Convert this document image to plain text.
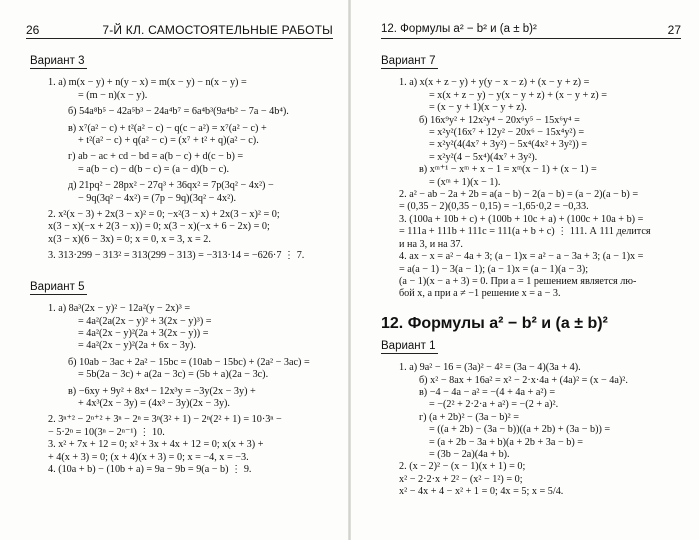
26	7-Й КЛ. САМОСТОЯТЕЛЬНЫЕ РАБОТЫ
Вариант 3
1. а) m(x − y) + n(y − x) = m(x − y) − n(x − y) =
= (m − n)(x − y).
б) 54a⁸b⁵ − 42a⁵b³ − 24a⁴b⁷ = 6a⁴b³(9a⁴b² − 7a − 4b⁴).
в) x⁷(a² − c) + t²(a² − c) − q(c − a²) = x⁷(a² − c) +
+ t²(a² − c) + q(a² − c) = (x⁷ + t² + q)(a² − c).
г) ab − ac + cd − bd = a(b − c) + d(c − b) =
= a(b − c) − d(b − c) = (a − d)(b − c).
д) 21pq² − 28px² − 27q³ + 36qx² = 7p(3q² − 4x²) −
− 9q(3q² − 4x²) = (7p − 9q)(3q² − 4x²).
2. x²(x − 3) + 2x(3 − x)² = 0; −x²(3 − x) + 2x(3 − x)² = 0;
x(3 − x)(−x + 2(3 − x)) = 0; x(3 − x)(−x + 6 − 2x) = 0;
x(3 − x)(6 − 3x) = 0; x = 0, x = 3, x = 2.
3. 313·299 − 313² = 313(299 − 313) = −313·14 = −626·7 ⋮ 7.
Вариант 5
1. а) 8a³(2x − y)² − 12a²(y − 2x)³ =
= 4a²(2a(2x − y)² + 3(2x − y)³) =
= 4a²(2x − y)²(2a + 3(2x − y)) =
= 4a²(2x − y)²(2a + 6x − 3y).
б) 10ab − 3ac + 2a² − 15bc = (10ab − 15bc) + (2a² − 3ac) =
= 5b(2a − 3c) + a(2a − 3c) = (5b + a)(2a − 3c).
в) −6xy + 9y² + 8x⁴ − 12x³y = −3y(2x − 3y) +
+ 4x³(2x − 3y) = (4x³ − 3y)(2x − 3y).
2. 3ⁿ⁺² − 2ⁿ⁺² + 3ⁿ − 2ⁿ = 3ⁿ(3² + 1) − 2ⁿ(2² + 1) = 10·3ⁿ −
− 5·2ⁿ = 10(3ⁿ − 2ⁿ⁻¹) ⋮ 10.
3. x² + 7x + 12 = 0; x² + 3x + 4x + 12 = 0; x(x + 3) +
+ 4(x + 3) = 0; (x + 4)(x + 3) = 0; x = −4, x = −3.
4. (10a + b) − (10b + a) = 9a − 9b = 9(a − b) ⋮ 9.
12. Формулы a² − b² и (a ± b)²	27
Вариант 7
1. а) x(x + z − y) + y(y − x − z) + (x − y + z) =
= x(x + z − y) − y(x − y + z) + (x − y + z) =
= (x − y + 1)(x − y + z).
б) 16x⁹y² + 12x²y⁴ − 20x⁶y⁵ − 15x⁶y⁴ =
= x²y²(16x⁷ + 12y² − 20x⁶ − 15x⁴y²) =
= x²y²(4(4x⁷ + 3y²) − 5x⁴(4x² + 3y²)) =
= x²y²(4 − 5x⁴)(4x⁷ + 3y²).
в) xᵐ⁺¹ − xᵐ + x − 1 = xᵐ(x − 1) + (x − 1) =
= (xᵐ + 1)(x − 1).
2. a² − ab − 2a + 2b = a(a − b) − 2(a − b) = (a − 2)(a − b) =
= (0,35 − 2)(0,35 − 0,15) = −1,65·0,2 = −0,33.
3. (100a + 10b + c) + (100b + 10c + a) + (100c + 10a + b) =
= 111a + 111b + 111c = 111(a + b + c) ⋮ 111. А 111 делится
и на 3, и на 37.
4. ax − x = a² − 4a + 3; (a − 1)x = a² − a − 3a + 3; (a − 1)x =
= a(a − 1) − 3(a − 1); (a − 1)x = (a − 1)(a − 3);
(a − 1)(x − a + 3) = 0. При a = 1 решением является лю-
бой x, а при a ≠ −1 решение x = a − 3.
12. Формулы a² − b² и (a ± b)²
Вариант 1
1. а) 9a² − 16 = (3a)² − 4² = (3a − 4)(3a + 4).
б) x² − 8ax + 16a² = x² − 2·x·4a + (4a)² = (x − 4a)².
в) −4 − 4a − a² = −(4 + 4a + a²) =
= −(2² + 2·2·a + a²) = −(2 + a)².
г) (a + 2b)² − (3a − b)² =
= ((a + 2b) − (3a − b))((a + 2b) + (3a − b)) =
= (a + 2b − 3a + b)(a + 2b + 3a − b) =
= (3b − 2a)(4a + b).
2. (x − 2)² − (x − 1)(x + 1) = 0;
x² − 2·2·x + 2² − (x² − 1²) = 0;
x² − 4x + 4 − x² + 1 = 0; 4x = 5; x = 5/4.
